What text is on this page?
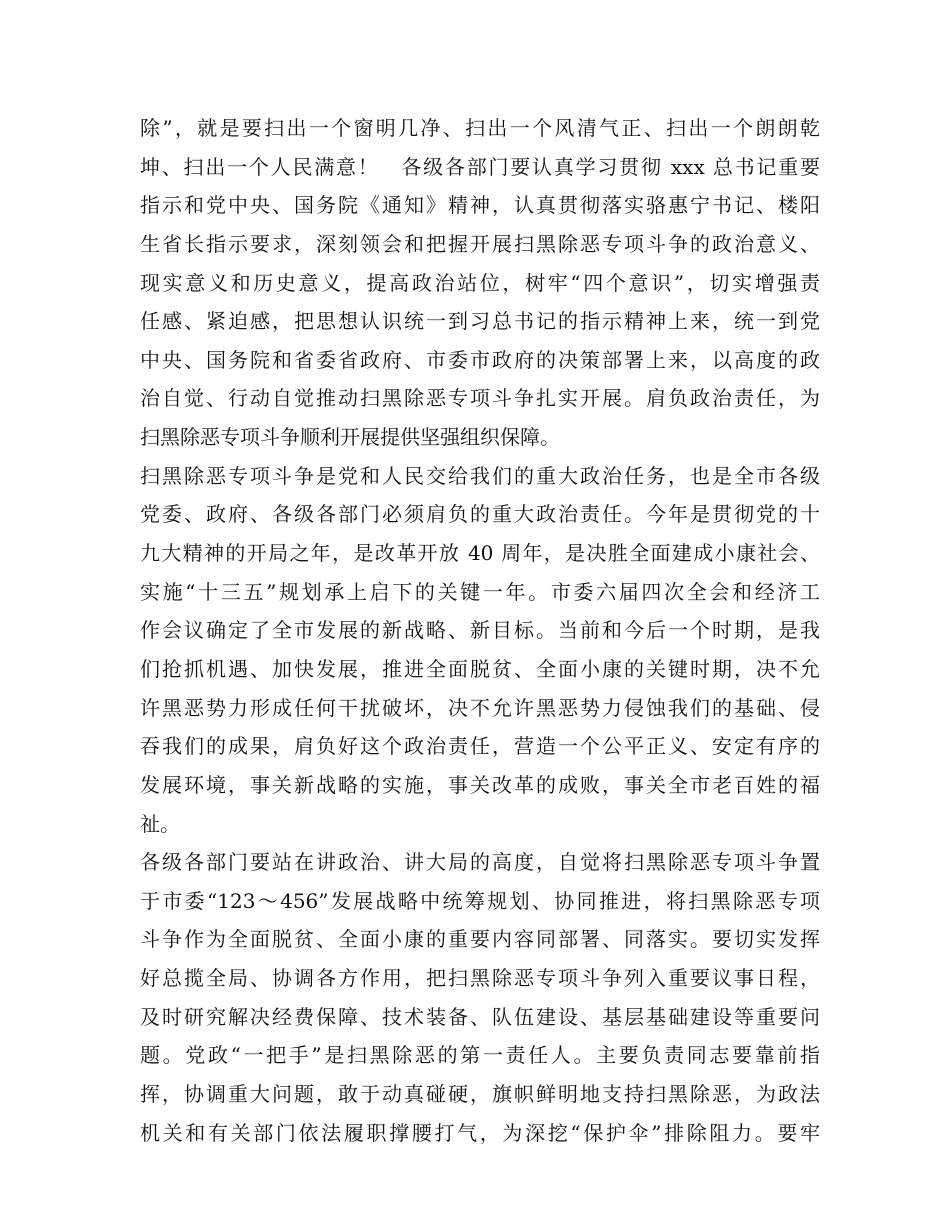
除”，就是要扫出一个窗明几净、扫出一个风清气正、扫出一个朗朗乾
坤、扫出一个人民满意！　各级各部门要认真学习贯彻 xxx 总书记重要
指示和党中央、国务院《通知》精神，认真贯彻落实骆惠宁书记、楼阳
生省长指示要求，深刻领会和把握开展扫黑除恶专项斗争的政治意义、
现实意义和历史意义，提高政治站位，树牢“四个意识”，切实增强责
任感、紧迫感，把思想认识统一到习总书记的指示精神上来，统一到党
中央、国务院和省委省政府、市委市政府的决策部署上来，以高度的政
治自觉、行动自觉推动扫黑除恶专项斗争扎实开展。肩负政治责任，为
扫黑除恶专项斗争顺利开展提供坚强组织保障。
扫黑除恶专项斗争是党和人民交给我们的重大政治任务，也是全市各级
党委、政府、各级各部门必须肩负的重大政治责任。今年是贯彻党的十
九大精神的开局之年，是改革开放 40 周年，是决胜全面建成小康社会、
实施“十三五”规划承上启下的关键一年。市委六届四次全会和经济工
作会议确定了全市发展的新战略、新目标。当前和今后一个时期，是我
们抢抓机遇、加快发展，推进全面脱贫、全面小康的关键时期，决不允
许黑恶势力形成任何干扰破坏，决不允许黑恶势力侵蚀我们的基础、侵
吞我们的成果，肩负好这个政治责任，营造一个公平正义、安定有序的
发展环境，事关新战略的实施，事关改革的成败，事关全市老百姓的福
祉。
各级各部门要站在讲政治、讲大局的高度，自觉将扫黑除恶专项斗争置
于市委“123～456”发展战略中统筹规划、协同推进，将扫黑除恶专项
斗争作为全面脱贫、全面小康的重要内容同部署、同落实。要切实发挥
好总揽全局、协调各方作用，把扫黑除恶专项斗争列入重要议事日程，
及时研究解决经费保障、技术装备、队伍建设、基层基础建设等重要问
题。党政“一把手”是扫黑除恶的第一责任人。主要负责同志要靠前指
挥，协调重大问题，敢于动真碰硬，旗帜鲜明地支持扫黑除恶，为政法
机关和有关部门依法履职撑腰打气，为深挖“保护伞”排除阻力。要牢
